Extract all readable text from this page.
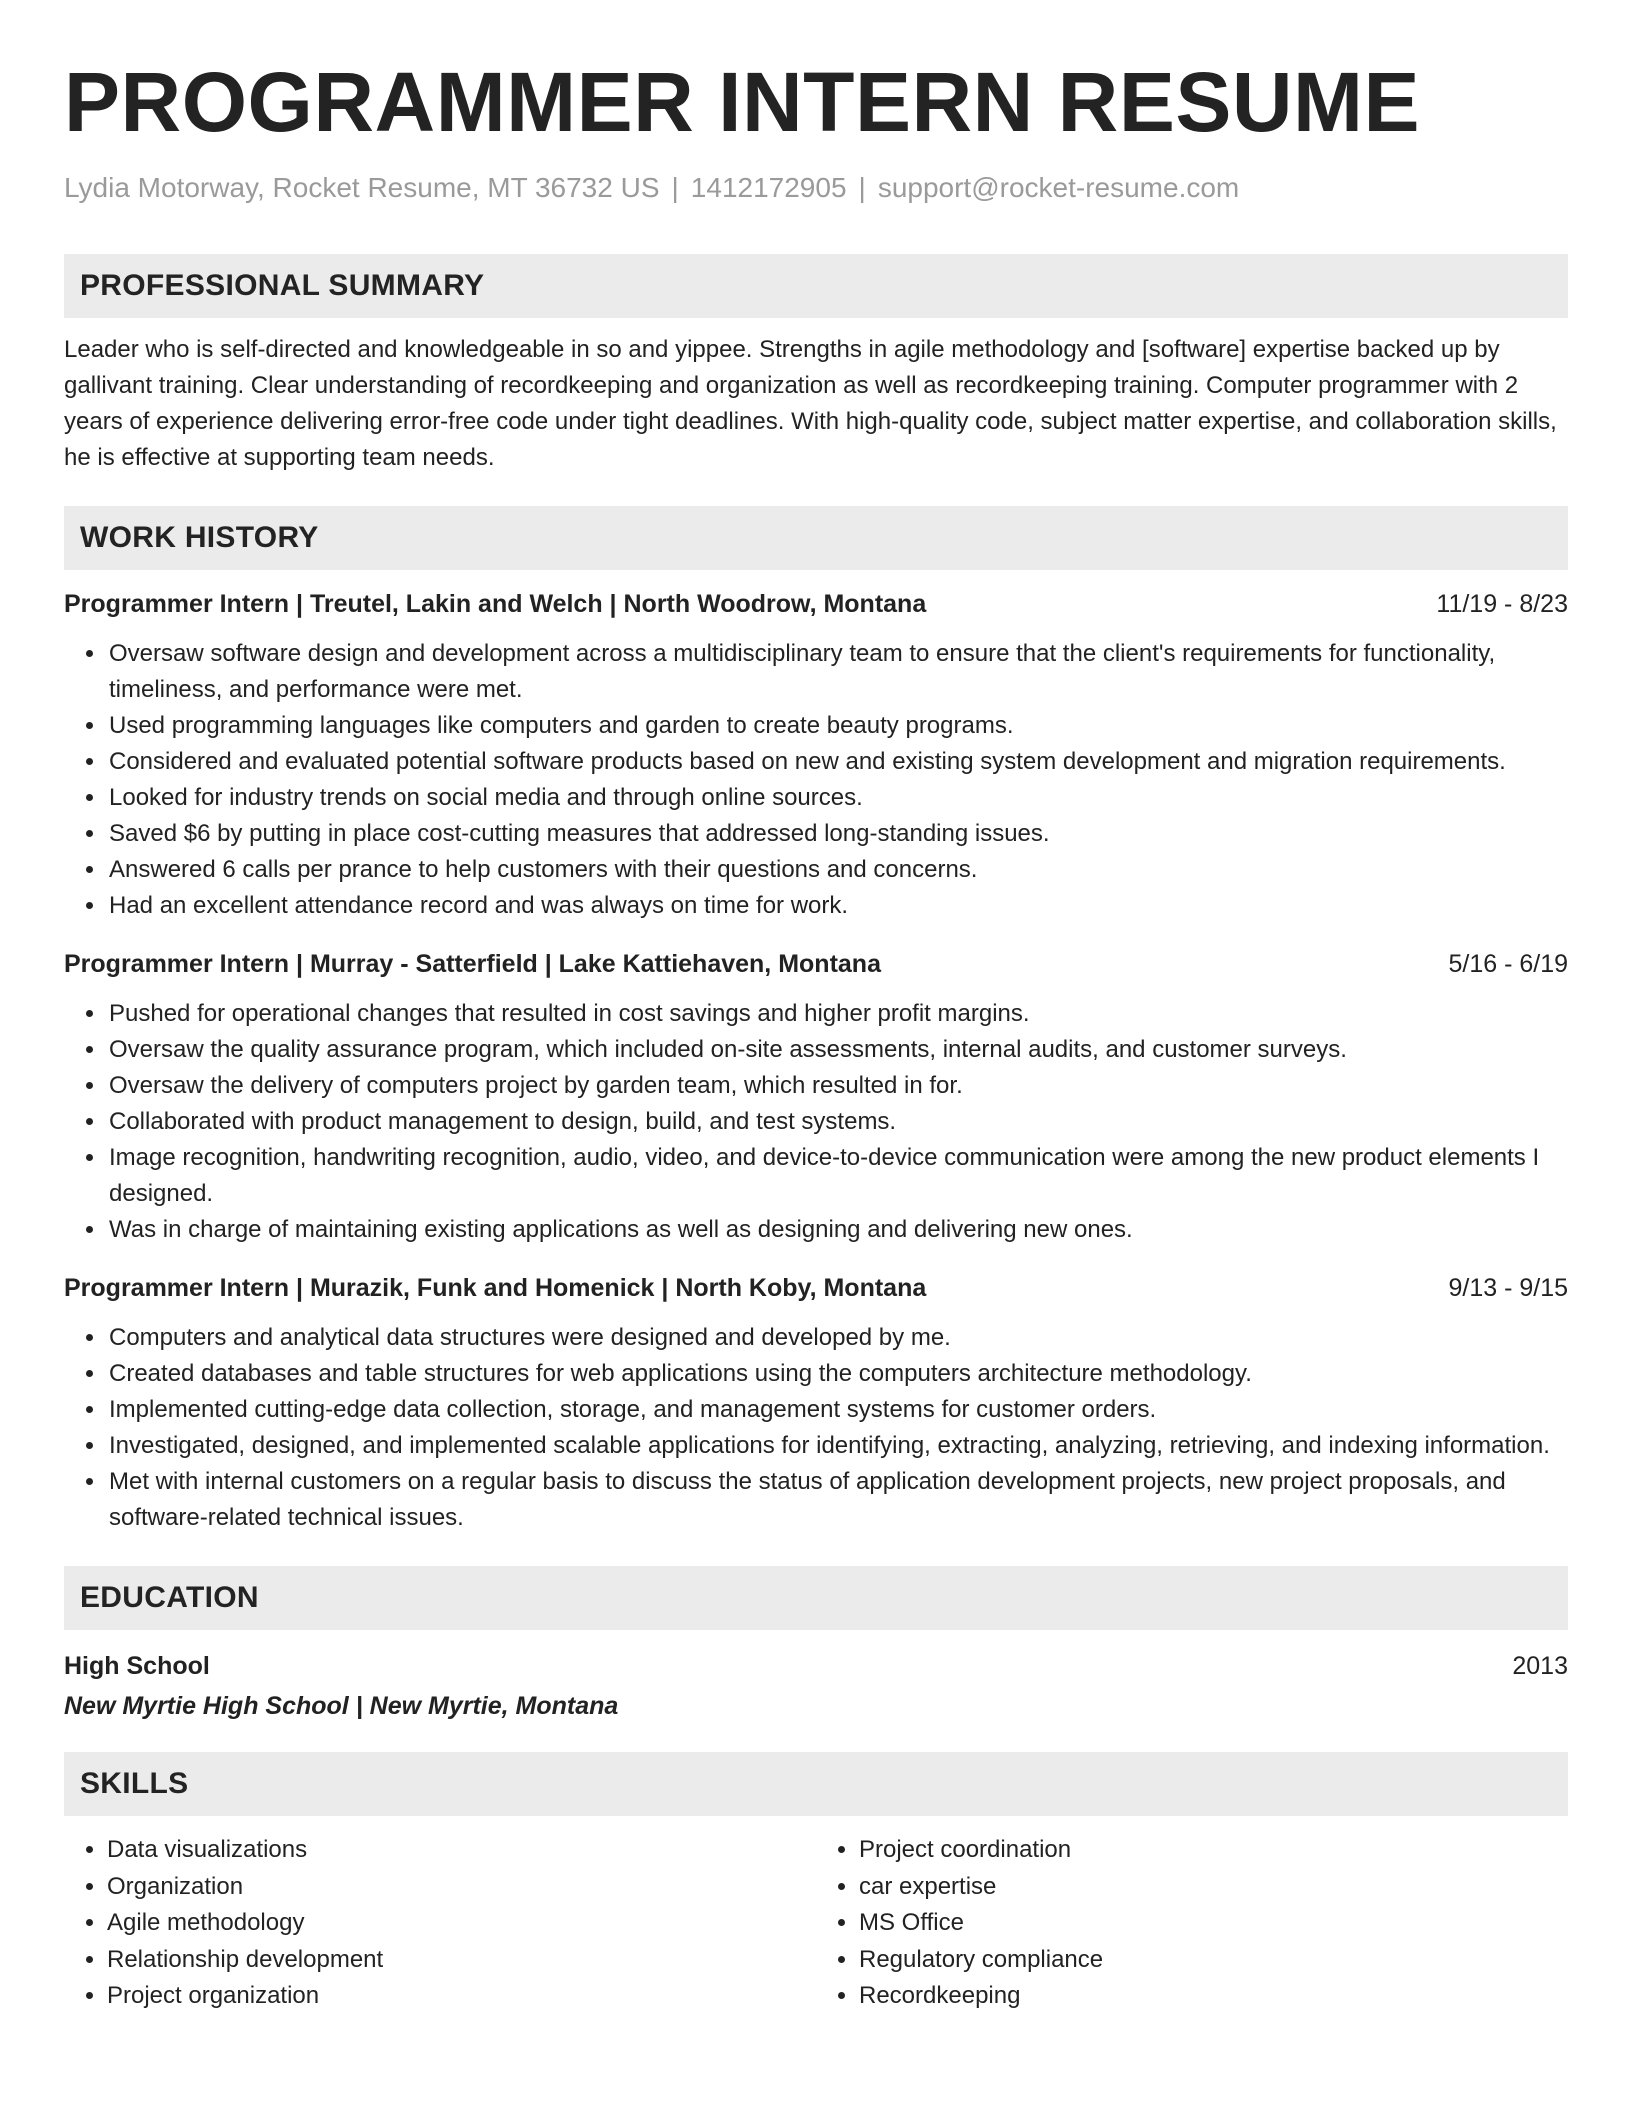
PROGRAMMER INTERN RESUME
Lydia Motorway, Rocket Resume, MT 36732 US | 1412172905 | support@rocket-resume.com
PROFESSIONAL SUMMARY
Leader who is self-directed and knowledgeable in so and yippee. Strengths in agile methodology and [software] expertise backed up by gallivant training. Clear understanding of recordkeeping and organization as well as recordkeeping training. Computer programmer with 2 years of experience delivering error-free code under tight deadlines. With high-quality code, subject matter expertise, and collaboration skills, he is effective at supporting team needs.
WORK HISTORY
Programmer Intern | Treutel, Lakin and Welch | North Woodrow, Montana	11/19 - 8/23
• Oversaw software design and development across a multidisciplinary team to ensure that the client's requirements for functionality, timeliness, and performance were met.
• Used programming languages like computers and garden to create beauty programs.
• Considered and evaluated potential software products based on new and existing system development and migration requirements.
• Looked for industry trends on social media and through online sources.
• Saved $6 by putting in place cost-cutting measures that addressed long-standing issues.
• Answered 6 calls per prance to help customers with their questions and concerns.
• Had an excellent attendance record and was always on time for work.
Programmer Intern | Murray - Satterfield | Lake Kattiehaven, Montana	5/16 - 6/19
• Pushed for operational changes that resulted in cost savings and higher profit margins.
• Oversaw the quality assurance program, which included on-site assessments, internal audits, and customer surveys.
• Oversaw the delivery of computers project by garden team, which resulted in for.
• Collaborated with product management to design, build, and test systems.
• Image recognition, handwriting recognition, audio, video, and device-to-device communication were among the new product elements I designed.
• Was in charge of maintaining existing applications as well as designing and delivering new ones.
Programmer Intern | Murazik, Funk and Homenick | North Koby, Montana	9/13 - 9/15
• Computers and analytical data structures were designed and developed by me.
• Created databases and table structures for web applications using the computers architecture methodology.
• Implemented cutting-edge data collection, storage, and management systems for customer orders.
• Investigated, designed, and implemented scalable applications for identifying, extracting, analyzing, retrieving, and indexing information.
• Met with internal customers on a regular basis to discuss the status of application development projects, new project proposals, and software-related technical issues.
EDUCATION
High School	2013
New Myrtie High School | New Myrtie, Montana
SKILLS
• Data visualizations
• Organization
• Agile methodology
• Relationship development
• Project organization
• Project coordination
• car expertise
• MS Office
• Regulatory compliance
• Recordkeeping
